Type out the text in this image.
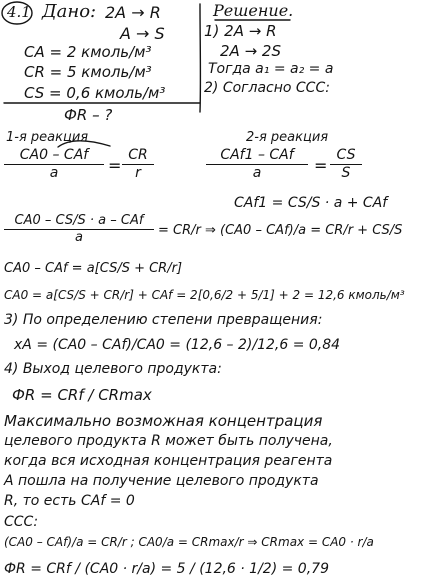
4.1 Дано: 2A → R
A → S
CA = 2 кмоль/м³
CR = 5 кмоль/м³
CS = 0,6 кмоль/м³
ФR – ?
Решение.
1) 2A → R
2A → 2S
Тогда a₁ = a₂ = a
2) Согласно CCC:
1-я реакция	2-я реакция
CA0 – CAf
a	=
CR
r
CAf1 – CAf
a	=
CS
S
CAf1 = CS/S · a + CAf
CA0 – CS/S · a – CAf
a	= CR/r ⇒ (CA0 – CAf)/a = CR/r + CS/S
CA0 – CAf = a[CS/S + CR/r]
CA0 = a[CS/S + CR/r] + CAf = 2[0,6/2 + 5/1] + 2 = 12,6 кмоль/м³
3) По определению степени превращения:
xA = (CA0 – CAf)/CA0 = (12,6 – 2)/12,6 = 0,84
4) Выход целевого продукта:
ФR = CRf / CRmax
Максимально возможная концентрация
целевого продукта R может быть получена,
когда вся исходная концентрация реагента
A пошла на получение целевого продукта
R, то есть CAf = 0
CCC:
(CA0 – CAf)/a = CR/r ; CA0/a = CRmax/r ⇒ CRmax = CA0 · r/a
ФR = CRf / (CA0 · r/a) = 5 / (12,6 · 1/2) = 0,79
